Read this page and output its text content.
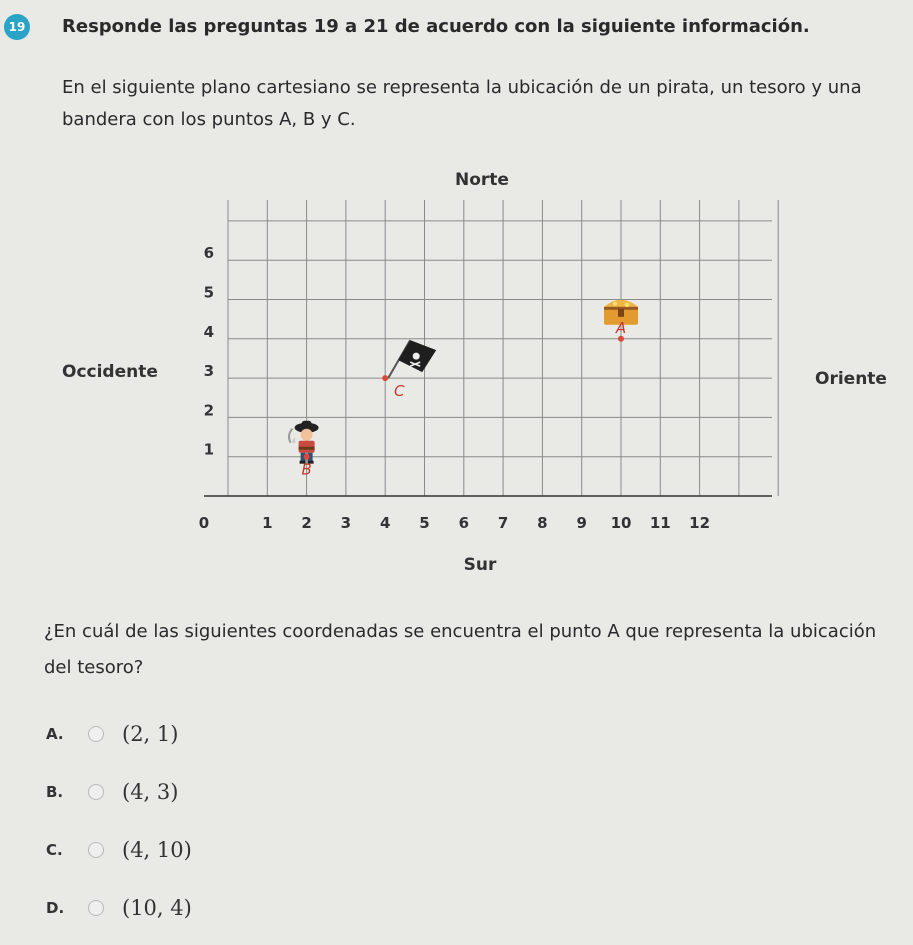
19 Responde las preguntas 19 a 21 de acuerdo con la siguiente información.
En el siguiente plano cartesiano se representa la ubicación de un pirata, un tesoro y una bandera con los puntos A, B y C.
0	1 2 3 4 5 6 7 8 9 10 11 12
1
2
3
4
5
6
Norte
Sur
Occidente	Oriente
A
B
C
¿En cuál de las siguientes coordenadas se encuentra el punto A que representa la ubicación del tesoro?
A.	(2, 1)
B.	(4, 3)
C.	(4, 10)
D.	(10, 4)
